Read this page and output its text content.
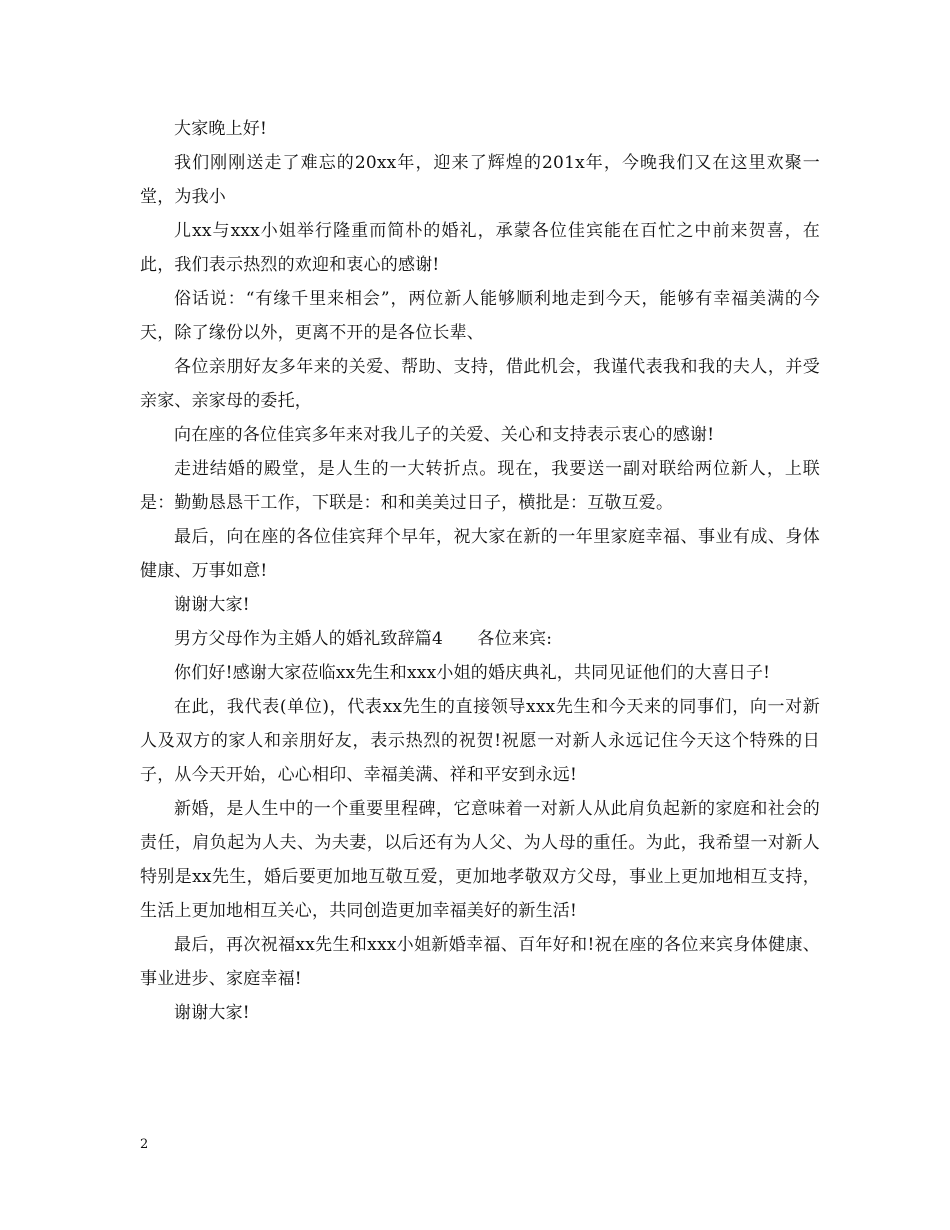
大家晚上好!

我们刚刚送走了难忘的20xx年，迎来了辉煌的201x年，今晚我们又在这里欢聚一堂，为我小

儿xx与xxx小姐举行隆重而简朴的婚礼，承蒙各位佳宾能在百忙之中前来贺喜，在此，我们表示热烈的欢迎和衷心的感谢!

俗话说：“有缘千里来相会”，两位新人能够顺利地走到今天，能够有幸福美满的今天，除了缘份以外，更离不开的是各位长辈、

各位亲朋好友多年来的关爱、帮助、支持，借此机会，我谨代表我和我的夫人，并受亲家、亲家母的委托，

向在座的各位佳宾多年来对我儿子的关爱、关心和支持表示衷心的感谢!

走进结婚的殿堂，是人生的一大转折点。现在，我要送一副对联给两位新人，上联是：勤勤恳恳干工作，下联是：和和美美过日子，横批是：互敬互爱。

最后，向在座的各位佳宾拜个早年，祝大家在新的一年里家庭幸福、事业有成、身体健康、万事如意!

谢谢大家!

男方父母作为主婚人的婚礼致辞篇4　　各位来宾:

你们好!感谢大家莅临xx先生和xxx小姐的婚庆典礼，共同见证他们的大喜日子!

在此，我代表(单位)，代表xx先生的直接领导xxx先生和今天来的同事们，向一对新人及双方的家人和亲朋好友，表示热烈的祝贺!祝愿一对新人永远记住今天这个特殊的日子，从今天开始，心心相印、幸福美满、祥和平安到永远!

新婚，是人生中的一个重要里程碑，它意味着一对新人从此肩负起新的家庭和社会的责任，肩负起为人夫、为夫妻，以后还有为人父、为人母的重任。为此，我希望一对新人特别是xx先生，婚后要更加地互敬互爱，更加地孝敬双方父母，事业上更加地相互支持，生活上更加地相互关心，共同创造更加幸福美好的新生活!

最后，再次祝福xx先生和xxx小姐新婚幸福、百年好和!祝在座的各位来宾身体健康、事业进步、家庭幸福!

谢谢大家!

2
